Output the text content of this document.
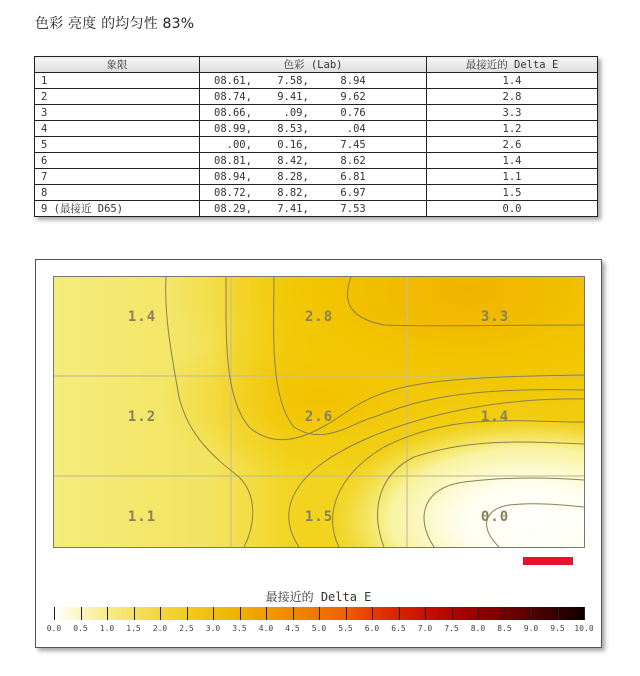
色彩 亮度 的均匀性 83%
象限	色彩 (Lab)	最接近的 Delta E
1	08.61,    7.58,     8.94	1.4
2	08.74,    9.41,     9.62	2.8
3	08.66,     .09,     0.76	3.3
4	08.99,    8.53,      .04	1.2
5	.00,    0.16,     7.45	2.6
6	08.81,    8.42,     8.62	1.4
7	08.94,    8.28,     6.81	1.1
8	08.72,    8.82,     6.97	1.5
9 (最接近 D65)	08.29,    7.41,     7.53	0.0
1.4	2.8	3.3
1.2	2.6	1.4
1.1	1.5	0.0
最接近的 Delta E
0.0 0.5 1.0 1.5 2.0 2.5 3.0 3.5 4.0 4.5 5.0 5.5 6.0 6.5 7.0 7.5 8.0 8.5 9.0 9.5 10.0
